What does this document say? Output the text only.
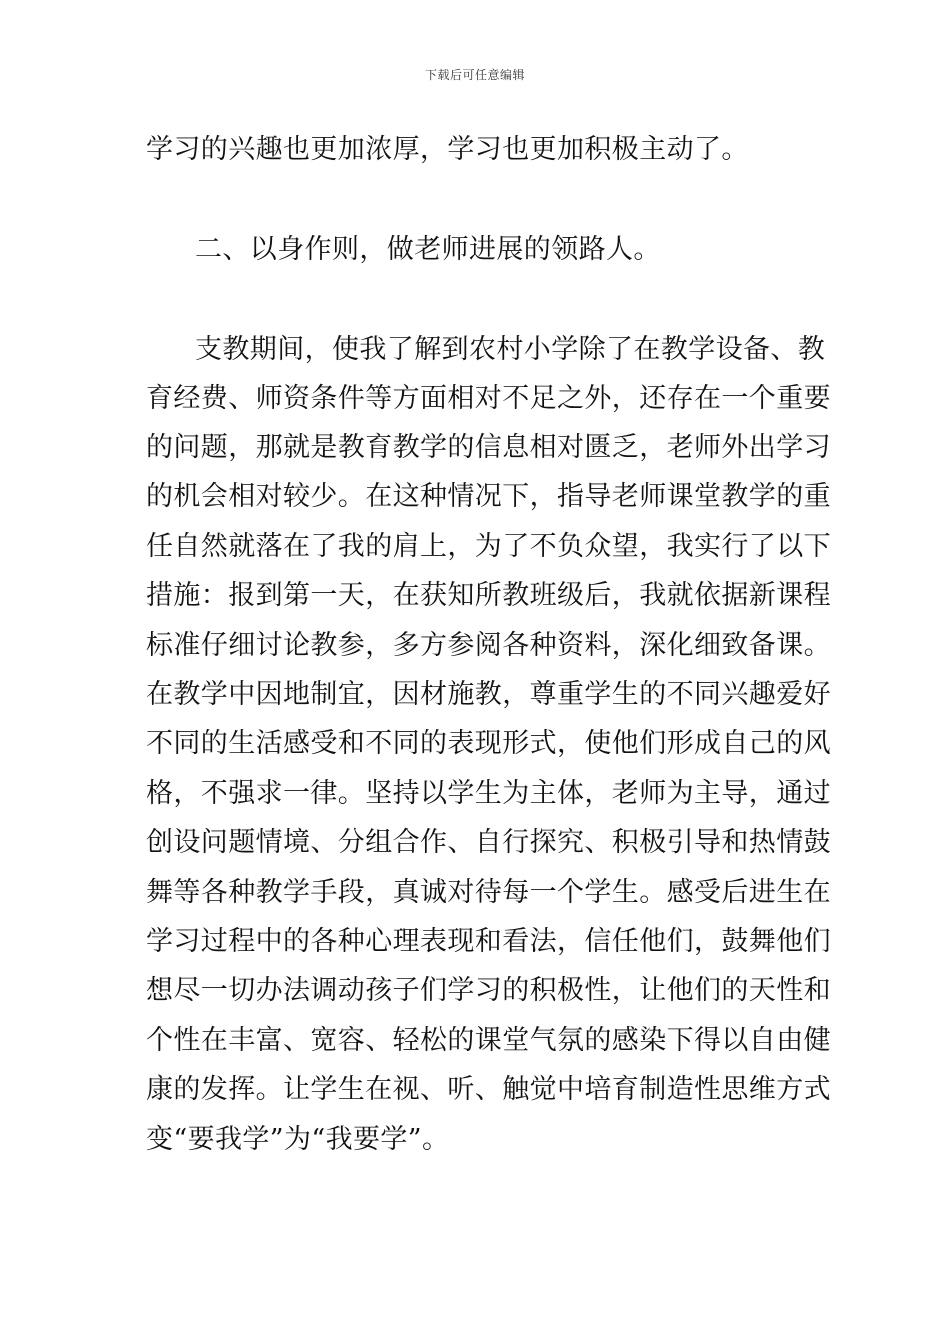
下载后可任意编辑
学习的兴趣也更加浓厚，学习也更加积极主动了。
二、以身作则，做老师进展的领路人。
支教期间，使我了解到农村小学除了在教学设备、教
育经费、师资条件等方面相对不足之外，还存在一个重要
的问题，那就是教育教学的信息相对匮乏，老师外出学习
的机会相对较少。在这种情况下，指导老师课堂教学的重
任自然就落在了我的肩上，为了不负众望，我实行了以下
措施：报到第一天，在获知所教班级后，我就依据新课程
标准仔细讨论教参，多方参阅各种资料，深化细致备课。
在教学中因地制宜，因材施教，尊重学生的不同兴趣爱好
不同的生活感受和不同的表现形式，使他们形成自己的风
格，不强求一律。坚持以学生为主体，老师为主导，通过
创设问题情境、分组合作、自行探究、积极引导和热情鼓
舞等各种教学手段，真诚对待每一个学生。感受后进生在
学习过程中的各种心理表现和看法，信任他们，鼓舞他们
想尽一切办法调动孩子们学习的积极性，让他们的天性和
个性在丰富、宽容、轻松的课堂气氛的感染下得以自由健
康的发挥。让学生在视、听、触觉中培育制造性思维方式
变“要我学”为“我要学”。
